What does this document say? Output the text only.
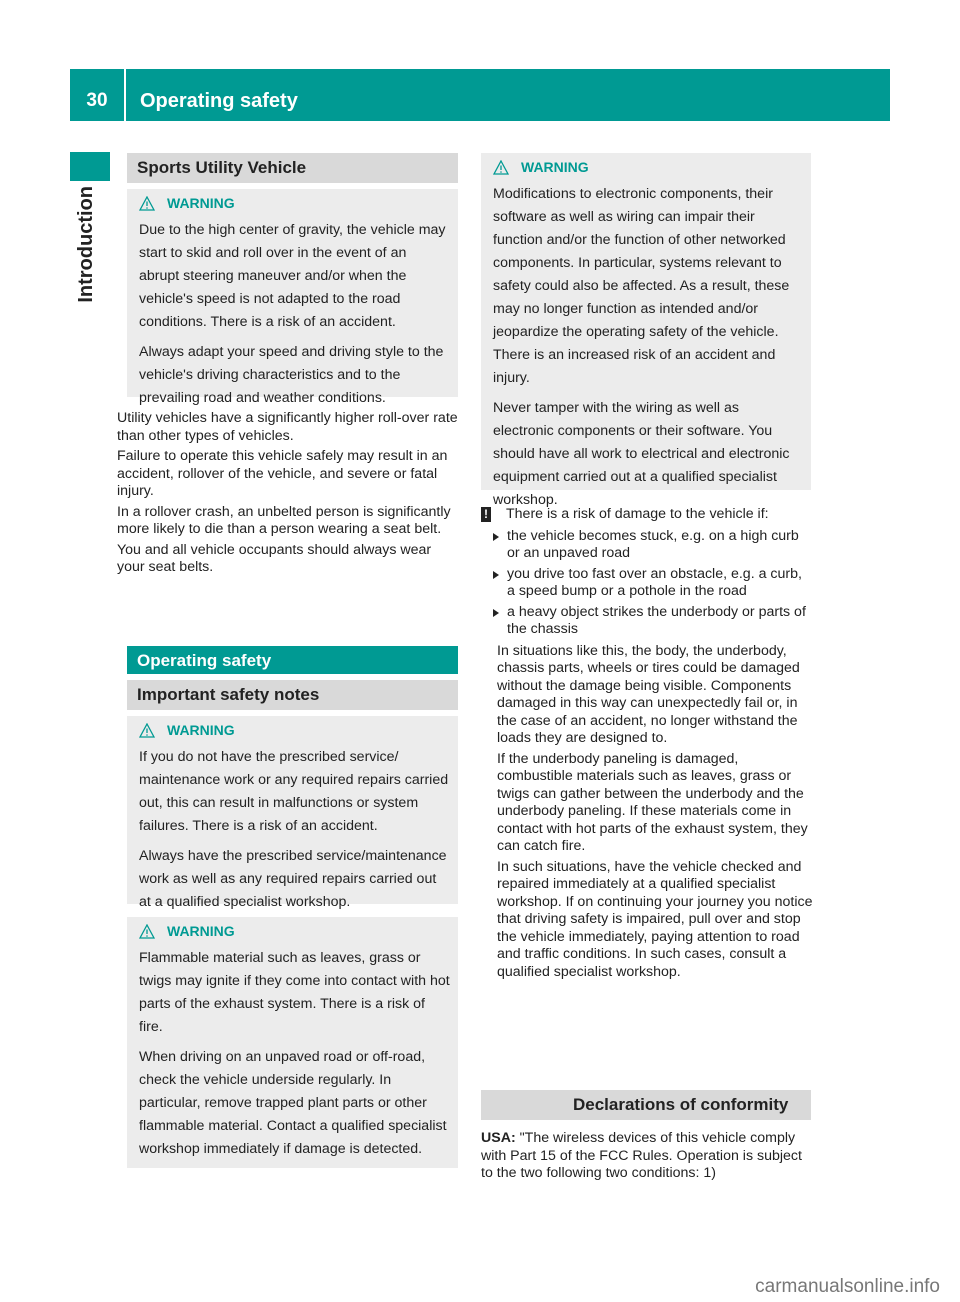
30	Operating safety
Introduction
Sports Utility Vehicle
WARNING

Due to the high center of gravity, the vehicle may start to skid and roll over in the event of an abrupt steering maneuver and/or when the vehicle's speed is not adapted to the road conditions. There is a risk of an accident.

Always adapt your speed and driving style to the vehicle's driving characteristics and to the prevailing road and weather conditions.

Utility vehicles have a significantly higher roll-over rate than other types of vehicles.

Failure to operate this vehicle safely may result in an accident, rollover of the vehicle, and severe or fatal injury.

In a rollover crash, an unbelted person is significantly more likely to die than a person wearing a seat belt.

You and all vehicle occupants should always wear your seat belts.

Operating safety
Important safety notes
WARNING

If you do not have the prescribed service/ maintenance work or any required repairs carried out, this can result in malfunctions or system failures. There is a risk of an accident.

Always have the prescribed service/maintenance work as well as any required repairs carried out at a qualified specialist workshop.

WARNING

Flammable material such as leaves, grass or twigs may ignite if they come into contact with hot parts of the exhaust system. There is a risk of fire.

When driving on an unpaved road or off-road, check the vehicle underside regularly. In particular, remove trapped plant parts or other flammable material. Contact a qualified specialist workshop immediately if damage is detected.

WARNING

Modifications to electronic components, their software as well as wiring can impair their function and/or the function of other networked components. In particular, systems relevant to safety could also be affected. As a result, these may no longer function as intended and/or jeopardize the operating safety of the vehicle. There is an increased risk of an accident and injury.

Never tamper with the wiring as well as electronic components or their software. You should have all work to electrical and electronic equipment carried out at a qualified specialist workshop.

! There is a risk of damage to the vehicle if:
the vehicle becomes stuck, e.g. on a high curb or an unpaved road
you drive too fast over an obstacle, e.g. a curb, a speed bump or a pothole in the road
a heavy object strikes the underbody or parts of the chassis

In situations like this, the body, the underbody, chassis parts, wheels or tires could be damaged without the damage being visible. Components damaged in this way can unexpectedly fail or, in the case of an accident, no longer withstand the loads they are designed to.

If the underbody paneling is damaged, combustible materials such as leaves, grass or twigs can gather between the underbody and the underbody paneling. If these materials come in contact with hot parts of the exhaust system, they can catch fire.

In such situations, have the vehicle checked and repaired immediately at a qualified specialist workshop. If on continuing your journey you notice that driving safety is impaired, pull over and stop the vehicle immediately, paying attention to road and traffic conditions. In such cases, consult a qualified specialist workshop.

Declarations of conformity

USA: "The wireless devices of this vehicle comply with Part 15 of the FCC Rules. Operation is subject to the two following two conditions: 1)

carmanualsonline.info
